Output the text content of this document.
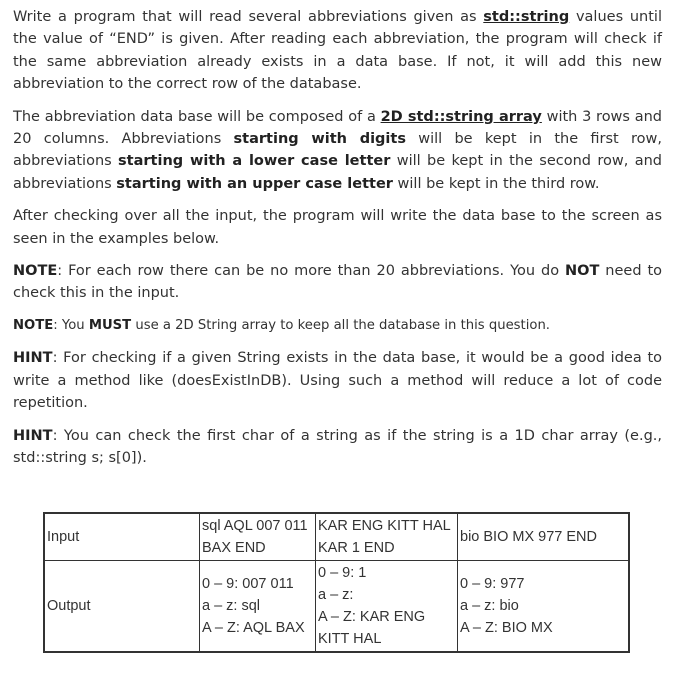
Write a program that will read several abbreviations given as std::string values until the value of “END” is given. After reading each abbreviation, the program will check if the same abbreviation already exists in a data base. If not, it will add this new abbreviation to the correct row of the database.

The abbreviation data base will be composed of a 2D std::string array with 3 rows and 20 columns. Abbreviations starting with digits will be kept in the first row, abbreviations starting with a lower case letter will be kept in the second row, and abbreviations starting with an upper case letter will be kept in the third row.

After checking over all the input, the program will write the data base to the screen as seen in the examples below.

NOTE: For each row there can be no more than 20 abbreviations. You do NOT need to check this in the input.

NOTE: You MUST use a 2D String array to keep all the database in this question.

HINT: For checking if a given String exists in the data base, it would be a good idea to write a method like (doesExistInDB). Using such a method will reduce a lot of code repetition.

HINT: You can check the first char of a string as if the string is a 1D char array (e.g., std::string s; s[0]).

Input	sql AQL 007 011 BAX END	KAR ENG KITT HAL KAR 1 END	bio BIO MX 977 END
Output	0 – 9: 007 011
a – z: sql
A – Z: AQL BAX	0 – 9: 1
a – z:
A – Z: KAR ENG KITT HAL	0 – 9: 977
a – z: bio
A – Z: BIO MX
